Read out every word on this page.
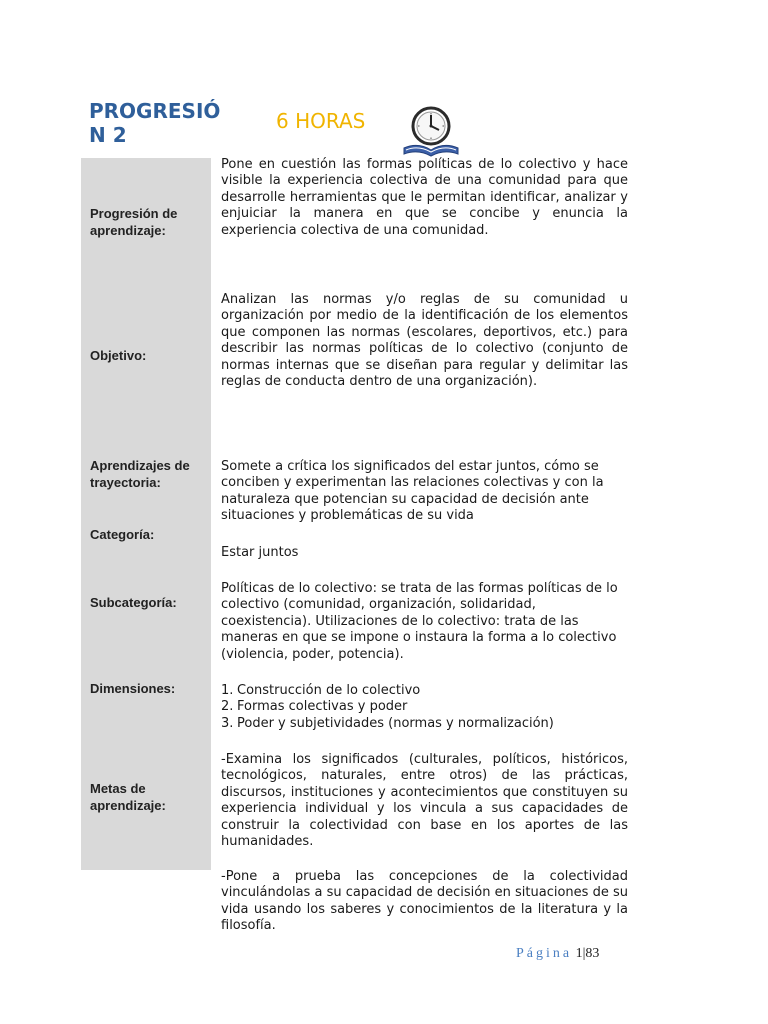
PROGRESIÓN 2
6 HORAS
Progresión de aprendizaje:
Pone en cuestión las formas políticas de lo colectivo y hace visible la experiencia colectiva de una comunidad para que desarrolle herramientas que le permitan identificar, analizar y enjuiciar la manera en que se concibe y enuncia la experiencia colectiva de una comunidad.
Objetivo:
Analizan las normas y/o reglas de su comunidad u organización por medio de la identificación de los elementos que componen las normas (escolares, deportivos, etc.) para describir las normas políticas de lo colectivo (conjunto de normas internas que se diseñan para regular y delimitar las reglas de conducta dentro de una organización).
Aprendizajes de trayectoria:
Somete a crítica los significados del estar juntos, cómo se conciben y experimentan las relaciones colectivas y con la naturaleza que potencian su capacidad de decisión ante situaciones y problemáticas de su vida
Categoría:
Estar juntos
Subcategoría:
Políticas de lo colectivo: se trata de las formas políticas de lo colectivo (comunidad, organización, solidaridad, coexistencia). Utilizaciones de lo colectivo: trata de las maneras en que se impone o instaura la forma a lo colectivo (violencia, poder, potencia).
Dimensiones:	1. Construcción de lo colectivo
2. Formas colectivas y poder
3. Poder y subjetividades (normas y normalización)
Metas de aprendizaje:
-Examina los significados (culturales, políticos, históricos, tecnológicos, naturales, entre otros) de las prácticas, discursos, instituciones y acontecimientos que constituyen su experiencia individual y los vincula a sus capacidades de construir la colectividad con base en los aportes de las humanidades.
-Pone a prueba las concepciones de la colectividad vinculándolas a su capacidad de decisión en situaciones de su vida usando los saberes y conocimientos de la literatura y la filosofía.
Página 1|83
